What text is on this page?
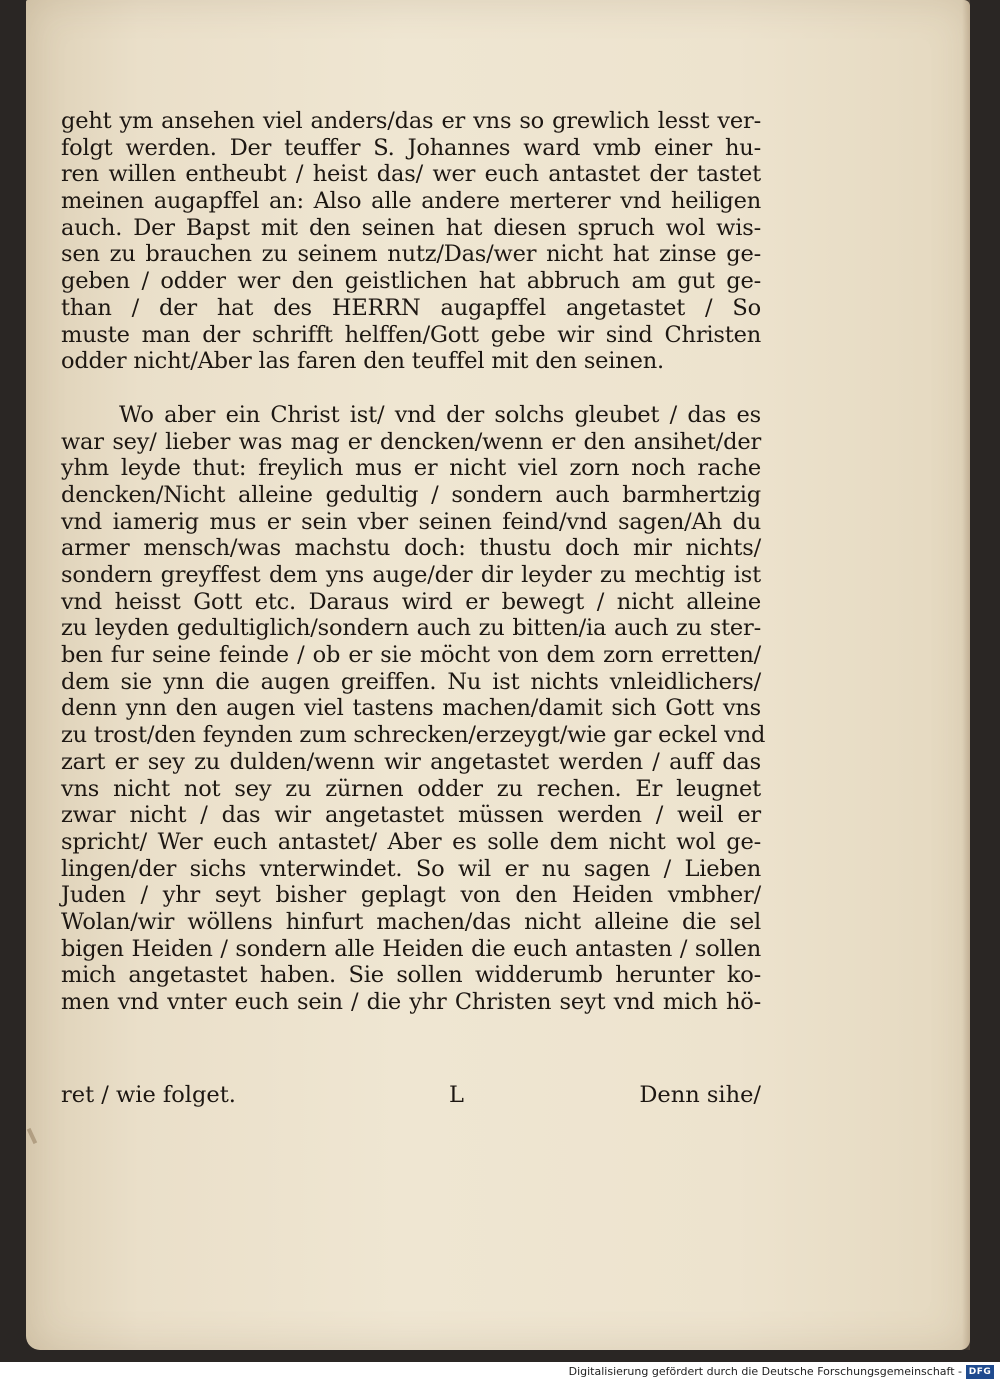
geht ym ansehen viel anders/das er vns so grewlich lesst ver-
folgt werden. Der teuffer S. Johannes ward vmb einer hu-
ren willen entheubt / heist das/ wer euch antastet der tastet
meinen augapffel an: Also alle andere merterer vnd heiligen
auch. Der Bapst mit den seinen hat diesen spruch wol wis-
sen zu brauchen zu seinem nutz/Das/wer nicht hat zinse ge-
geben / odder wer den geistlichen hat abbruch am gut ge-
than / der hat des HERRN augapffel angetastet / So
muste man der schrifft helffen/Gott gebe wir sind Christen
odder nicht/Aber las faren den teuffel mit den seinen.
Wo aber ein Christ ist/ vnd der solchs gleubet / das es
war sey/ lieber was mag er dencken/wenn er den ansihet/der
yhm leyde thut: freylich mus er nicht viel zorn noch rache
dencken/Nicht alleine gedultig / sondern auch barmhertzig
vnd iamerig mus er sein vber seinen feind/vnd sagen/Ah du
armer mensch/was machstu doch: thustu doch mir nichts/
sondern greyffest dem yns auge/der dir leyder zu mechtig ist
vnd heisst Gott etc. Daraus wird er bewegt / nicht alleine
zu leyden gedultiglich/sondern auch zu bitten/ia auch zu ster-
ben fur seine feinde / ob er sie möcht von dem zorn erretten/
dem sie ynn die augen greiffen. Nu ist nichts vnleidlichers/
denn ynn den augen viel tastens machen/damit sich Gott vns
zu trost/den feynden zum schrecken/erzeygt/wie gar eckel vnd
zart er sey zu dulden/wenn wir angetastet werden / auff das
vns nicht not sey zu zürnen odder zu rechen. Er leugnet
zwar nicht / das wir angetastet müssen werden / weil er
spricht/ Wer euch antastet/ Aber es solle dem nicht wol ge-
lingen/der sichs vnterwindet. So wil er nu sagen / Lieben
Juden / yhr seyt bisher geplagt von den Heiden vmbher/
Wolan/wir wöllens hinfurt machen/das nicht alleine die sel
bigen Heiden / sondern alle Heiden die euch antasten / sollen
mich angetastet haben. Sie sollen widderumb herunter ko-
men vnd vnter euch sein / die yhr Christen seyt vnd mich hö-
ret / wie folget.	L	Denn sihe/
Digitalisierung gefördert durch die Deutsche Forschungsgemeinschaft - DFG
